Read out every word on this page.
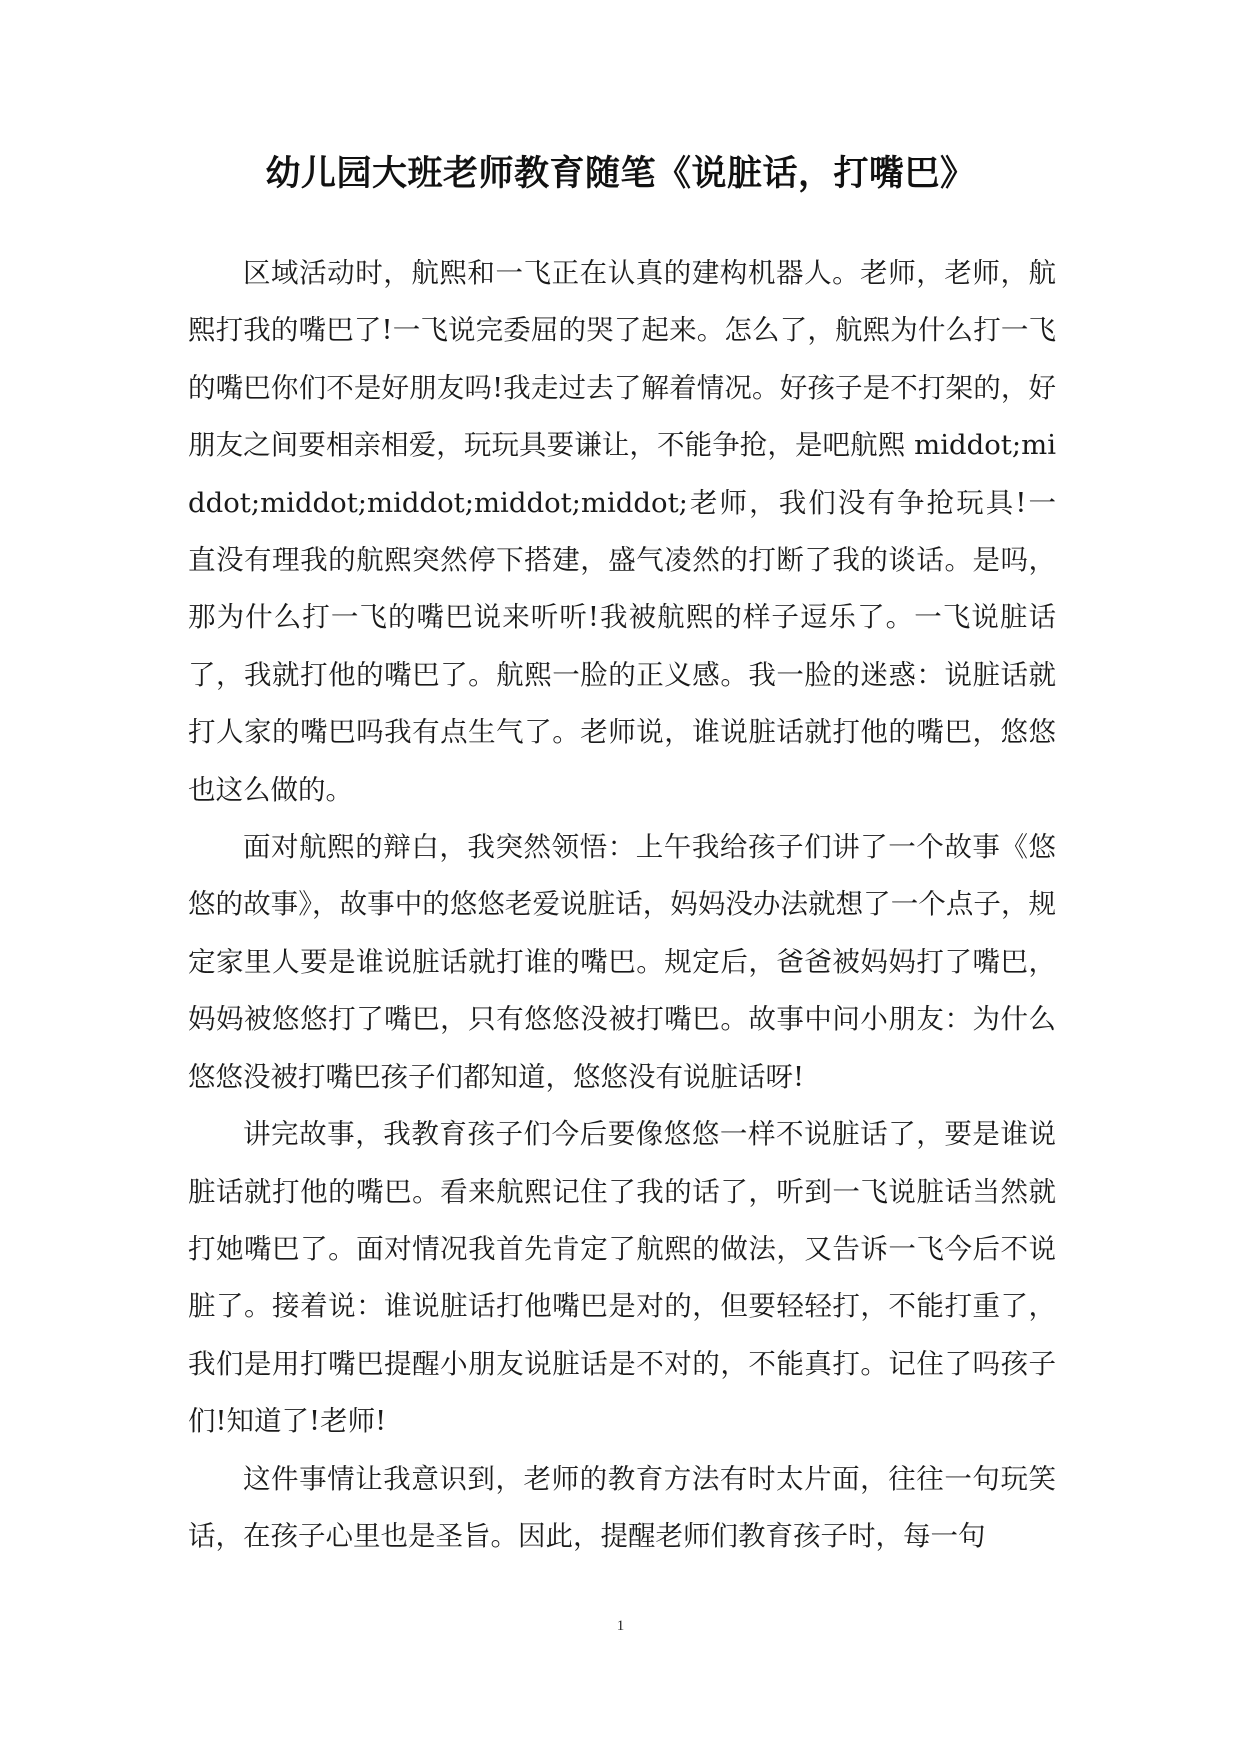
幼儿园大班老师教育随笔《说脏话，打嘴巴》

区域活动时，航熙和一飞正在认真的建构机器人。老师，老师，航熙打我的嘴巴了!一飞说完委屈的哭了起来。怎么了，航熙为什么打一飞的嘴巴你们不是好朋友吗!我走过去了解着情况。好孩子是不打架的，好朋友之间要相亲相爱，玩玩具要谦让，不能争抢，是吧航熙 middot;middot;middot;middot;middot;middot;老师，我们没有争抢玩具!一直没有理我的航熙突然停下搭建，盛气凌然的打断了我的谈话。是吗，那为什么打一飞的嘴巴说来听听!我被航熙的样子逗乐了。一飞说脏话了，我就打他的嘴巴了。航熙一脸的正义感。我一脸的迷惑：说脏话就打人家的嘴巴吗我有点生气了。老师说，谁说脏话就打他的嘴巴，悠悠也这么做的。

面对航熙的辩白，我突然领悟：上午我给孩子们讲了一个故事《悠悠的故事》，故事中的悠悠老爱说脏话，妈妈没办法就想了一个点子，规定家里人要是谁说脏话就打谁的嘴巴。规定后，爸爸被妈妈打了嘴巴，妈妈被悠悠打了嘴巴，只有悠悠没被打嘴巴。故事中问小朋友：为什么悠悠没被打嘴巴孩子们都知道，悠悠没有说脏话呀!

讲完故事，我教育孩子们今后要像悠悠一样不说脏话了，要是谁说脏话就打他的嘴巴。看来航熙记住了我的话了，听到一飞说脏话当然就打她嘴巴了。面对情况我首先肯定了航熙的做法，又告诉一飞今后不说脏了。接着说：谁说脏话打他嘴巴是对的，但要轻轻打，不能打重了，我们是用打嘴巴提醒小朋友说脏话是不对的，不能真打。记住了吗孩子们!知道了!老师!

这件事情让我意识到，老师的教育方法有时太片面，往往一句玩笑话，在孩子心里也是圣旨。因此，提醒老师们教育孩子时，每一句

1
